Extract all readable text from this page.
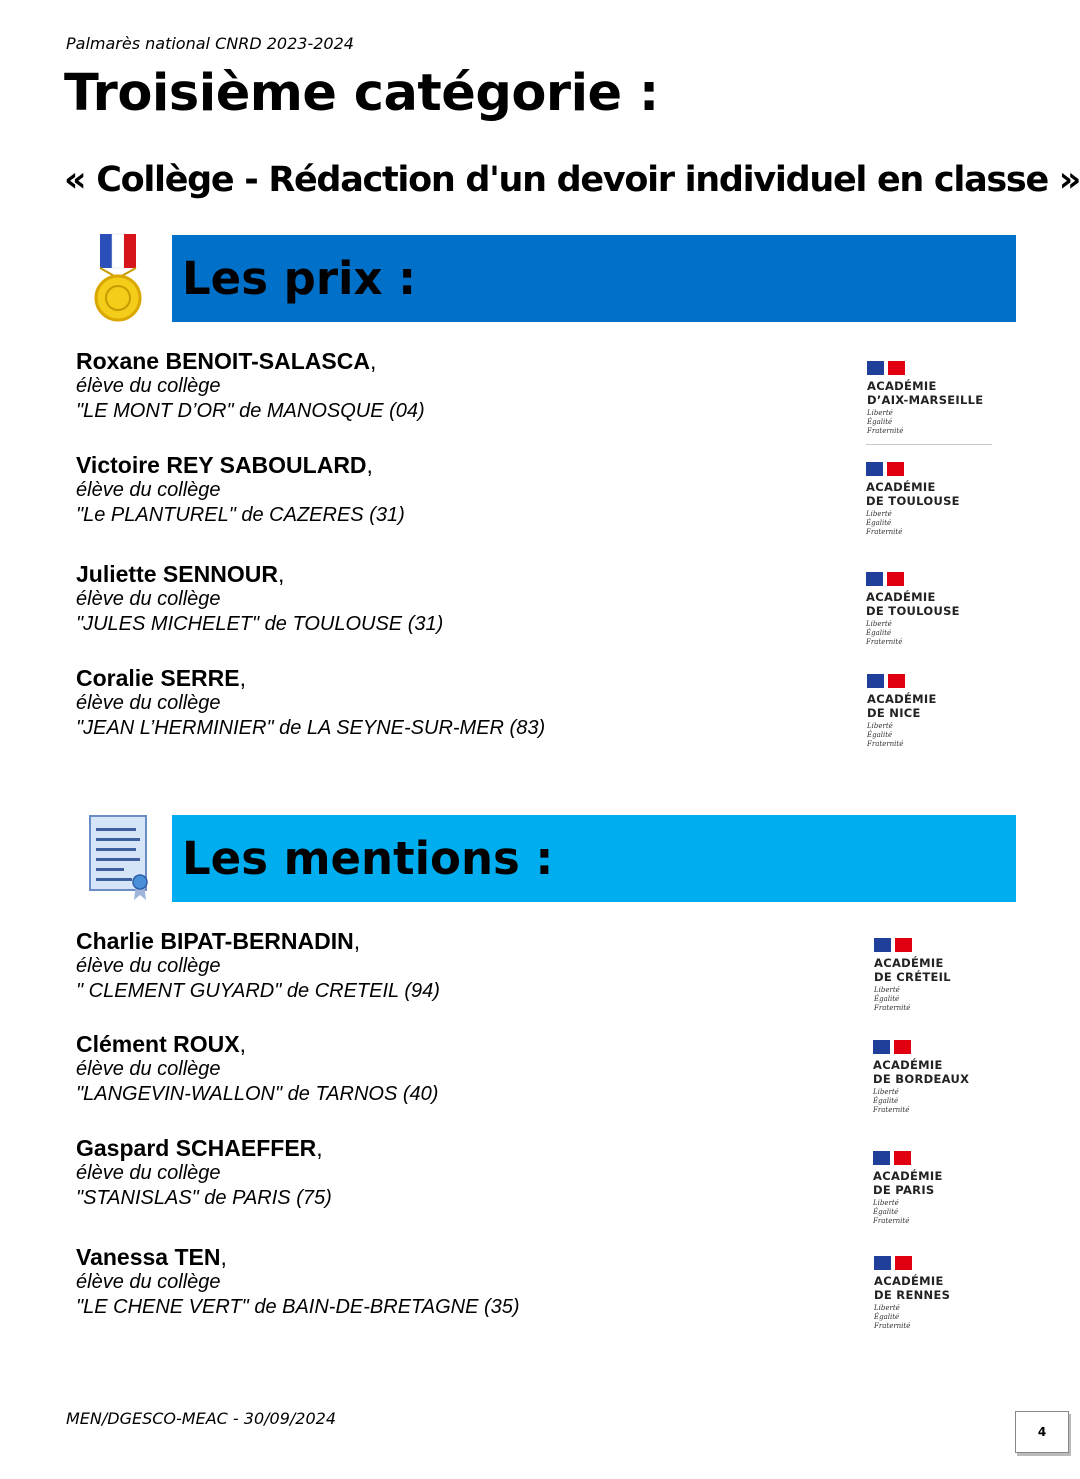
Palmarès national CNRD 2023-2024
Troisième catégorie :
« Collège - Rédaction d'un devoir individuel en classe »
Les prix :
Roxane BENOIT-SALASCA,
élève du collège
"LE MONT D’OR" de MANOSQUE (04)
Victoire REY SABOULARD,
élève du collège
"Le PLANTUREL" de CAZERES (31)
Juliette SENNOUR,
élève du collège
"JULES MICHELET" de TOULOUSE (31)
Coralie SERRE,
élève du collège
"JEAN L’HERMINIER" de LA SEYNE-SUR-MER (83)
ACADÉMIE
D’AIX-MARSEILLE
Liberté
Égalité
Fraternité
ACADÉMIE
DE TOULOUSE
Liberté
Égalité
Fraternité
ACADÉMIE
DE TOULOUSE
Liberté
Égalité
Fraternité
ACADÉMIE
DE NICE
Liberté
Égalité
Fraternité
Les mentions :
Charlie BIPAT-BERNADIN,
élève du collège
" CLEMENT GUYARD" de CRETEIL (94)
Clément ROUX,
élève du collège
"LANGEVIN-WALLON" de TARNOS (40)
Gaspard SCHAEFFER,
élève du collège
"STANISLAS" de PARIS (75)
Vanessa TEN,
élève du collège
"LE CHENE VERT" de BAIN-DE-BRETAGNE (35)
ACADÉMIE
DE CRÉTEIL
Liberté
Égalité
Fraternité
ACADÉMIE
DE BORDEAUX
Liberté
Égalité
Fraternité
ACADÉMIE
DE PARIS
Liberté
Égalité
Fraternité
ACADÉMIE
DE RENNES
Liberté
Égalité
Fraternité
MEN/DGESCO-MEAC - 30/09/2024
4
